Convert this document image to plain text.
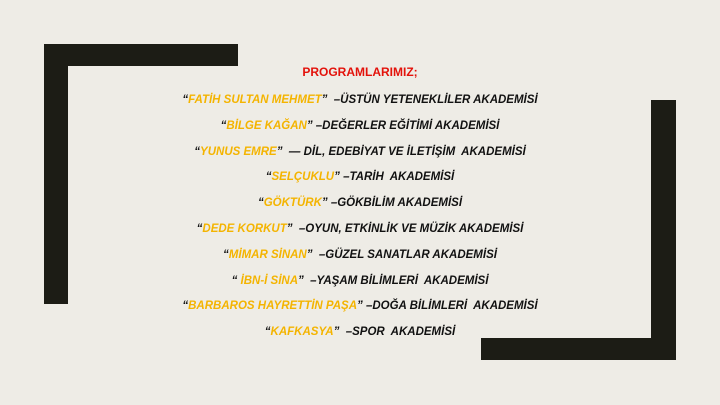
PROGRAMLARIMIZ;
“FATİH SULTAN MEHMET”  –ÜSTÜN YETENEKLİLER AKADEMİSİ
“BİLGE KAĞAN” –DEĞERLER EĞİTİMİ AKADEMİSİ
“YUNUS EMRE”  — DİL, EDEBİYAT VE İLETİŞİM  AKADEMİSİ
“SELÇUKLU” –TARİH  AKADEMİSİ
“GÖKTÜRK” –GÖKBİLİM AKADEMİSİ
“DEDE KORKUT”  –OYUN, ETKİNLİK VE MÜZİK AKADEMİSİ
“MİMAR SİNAN”  –GÜZEL SANATLAR AKADEMİSİ
“ İBN-İ SİNA”  –YAŞAM BİLİMLERİ  AKADEMİSİ
“BARBAROS HAYRETTİN PAŞA” –DOĞA BİLİMLERİ  AKADEMİSİ
“KAFKASYA”  –SPOR  AKADEMİSİ
